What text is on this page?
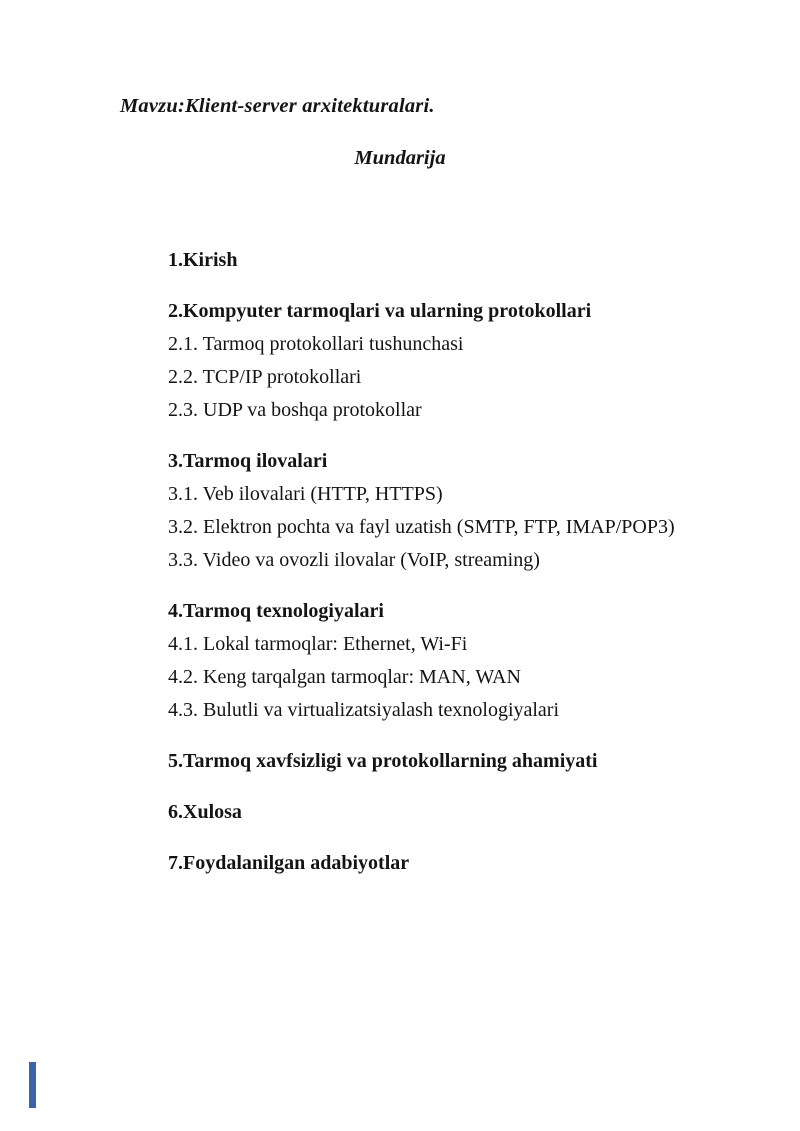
Mavzu:Klient-server arxitekturalari.
Mundarija
1.Kirish
2.Kompyuter tarmoqlari va ularning protokollari
2.1. Tarmoq protokollari tushunchasi
2.2. TCP/IP protokollari
2.3. UDP va boshqa protokollar
3.Tarmoq ilovalari
3.1. Veb ilovalari (HTTP, HTTPS)
3.2. Elektron pochta va fayl uzatish (SMTP, FTP, IMAP/POP3)
3.3. Video va ovozli ilovalar (VoIP, streaming)
4.Tarmoq texnologiyalari
4.1. Lokal tarmoqlar: Ethernet, Wi-Fi
4.2. Keng tarqalgan tarmoqlar: MAN, WAN
4.3. Bulutli va virtualizatsiyalash texnologiyalari
5.Tarmoq xavfsizligi va protokollarning ahamiyati
6.Xulosa
7.Foydalanilgan adabiyotlar
